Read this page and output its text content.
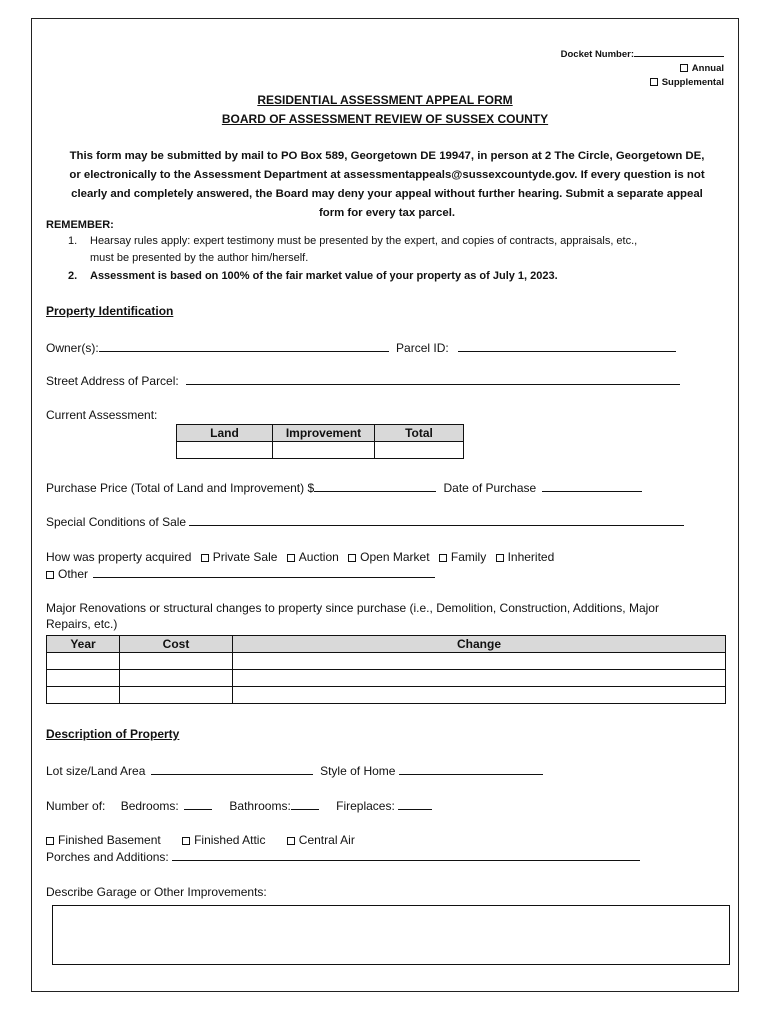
Docket Number:
Annual
Supplemental
RESIDENTIAL ASSESSMENT APPEAL FORM
BOARD OF ASSESSMENT REVIEW OF SUSSEX COUNTY
This form may be submitted by mail to PO Box 589, Georgetown DE 19947, in person at 2 The Circle, Georgetown DE,
or electronically to the Assessment Department at assessmentappeals@sussexcountyde.gov. If every question is not
clearly and completely answered, the Board may deny your appeal without further hearing. Submit a separate appeal
form for every tax parcel.
REMEMBER:
1. Hearsay rules apply: expert testimony must be presented by the expert, and copies of contracts, appraisals, etc.,
must be presented by the author him/herself.
2. Assessment is based on 100% of the fair market value of your property as of July 1, 2023.
Property Identification
Owner(s):	Parcel ID:
Street Address of Parcel:
Current Assessment:
Land	Improvement	Total

Purchase Price (Total of Land and Improvement) $	Date of Purchase
Special Conditions of Sale
How was property acquired Private Sale Auction Open Market Family Inherited
Other
Major Renovations or structural changes to property since purchase (i.e., Demolition, Construction, Additions, Major
Repairs, etc.)
Year	Cost	Change

Description of Property
Lot size/Land Area	Style of Home
Number of: Bedrooms:	Bathrooms:	Fireplaces:
Finished Basement	Finished Attic	Central Air
Porches and Additions:
Describe Garage or Other Improvements:
